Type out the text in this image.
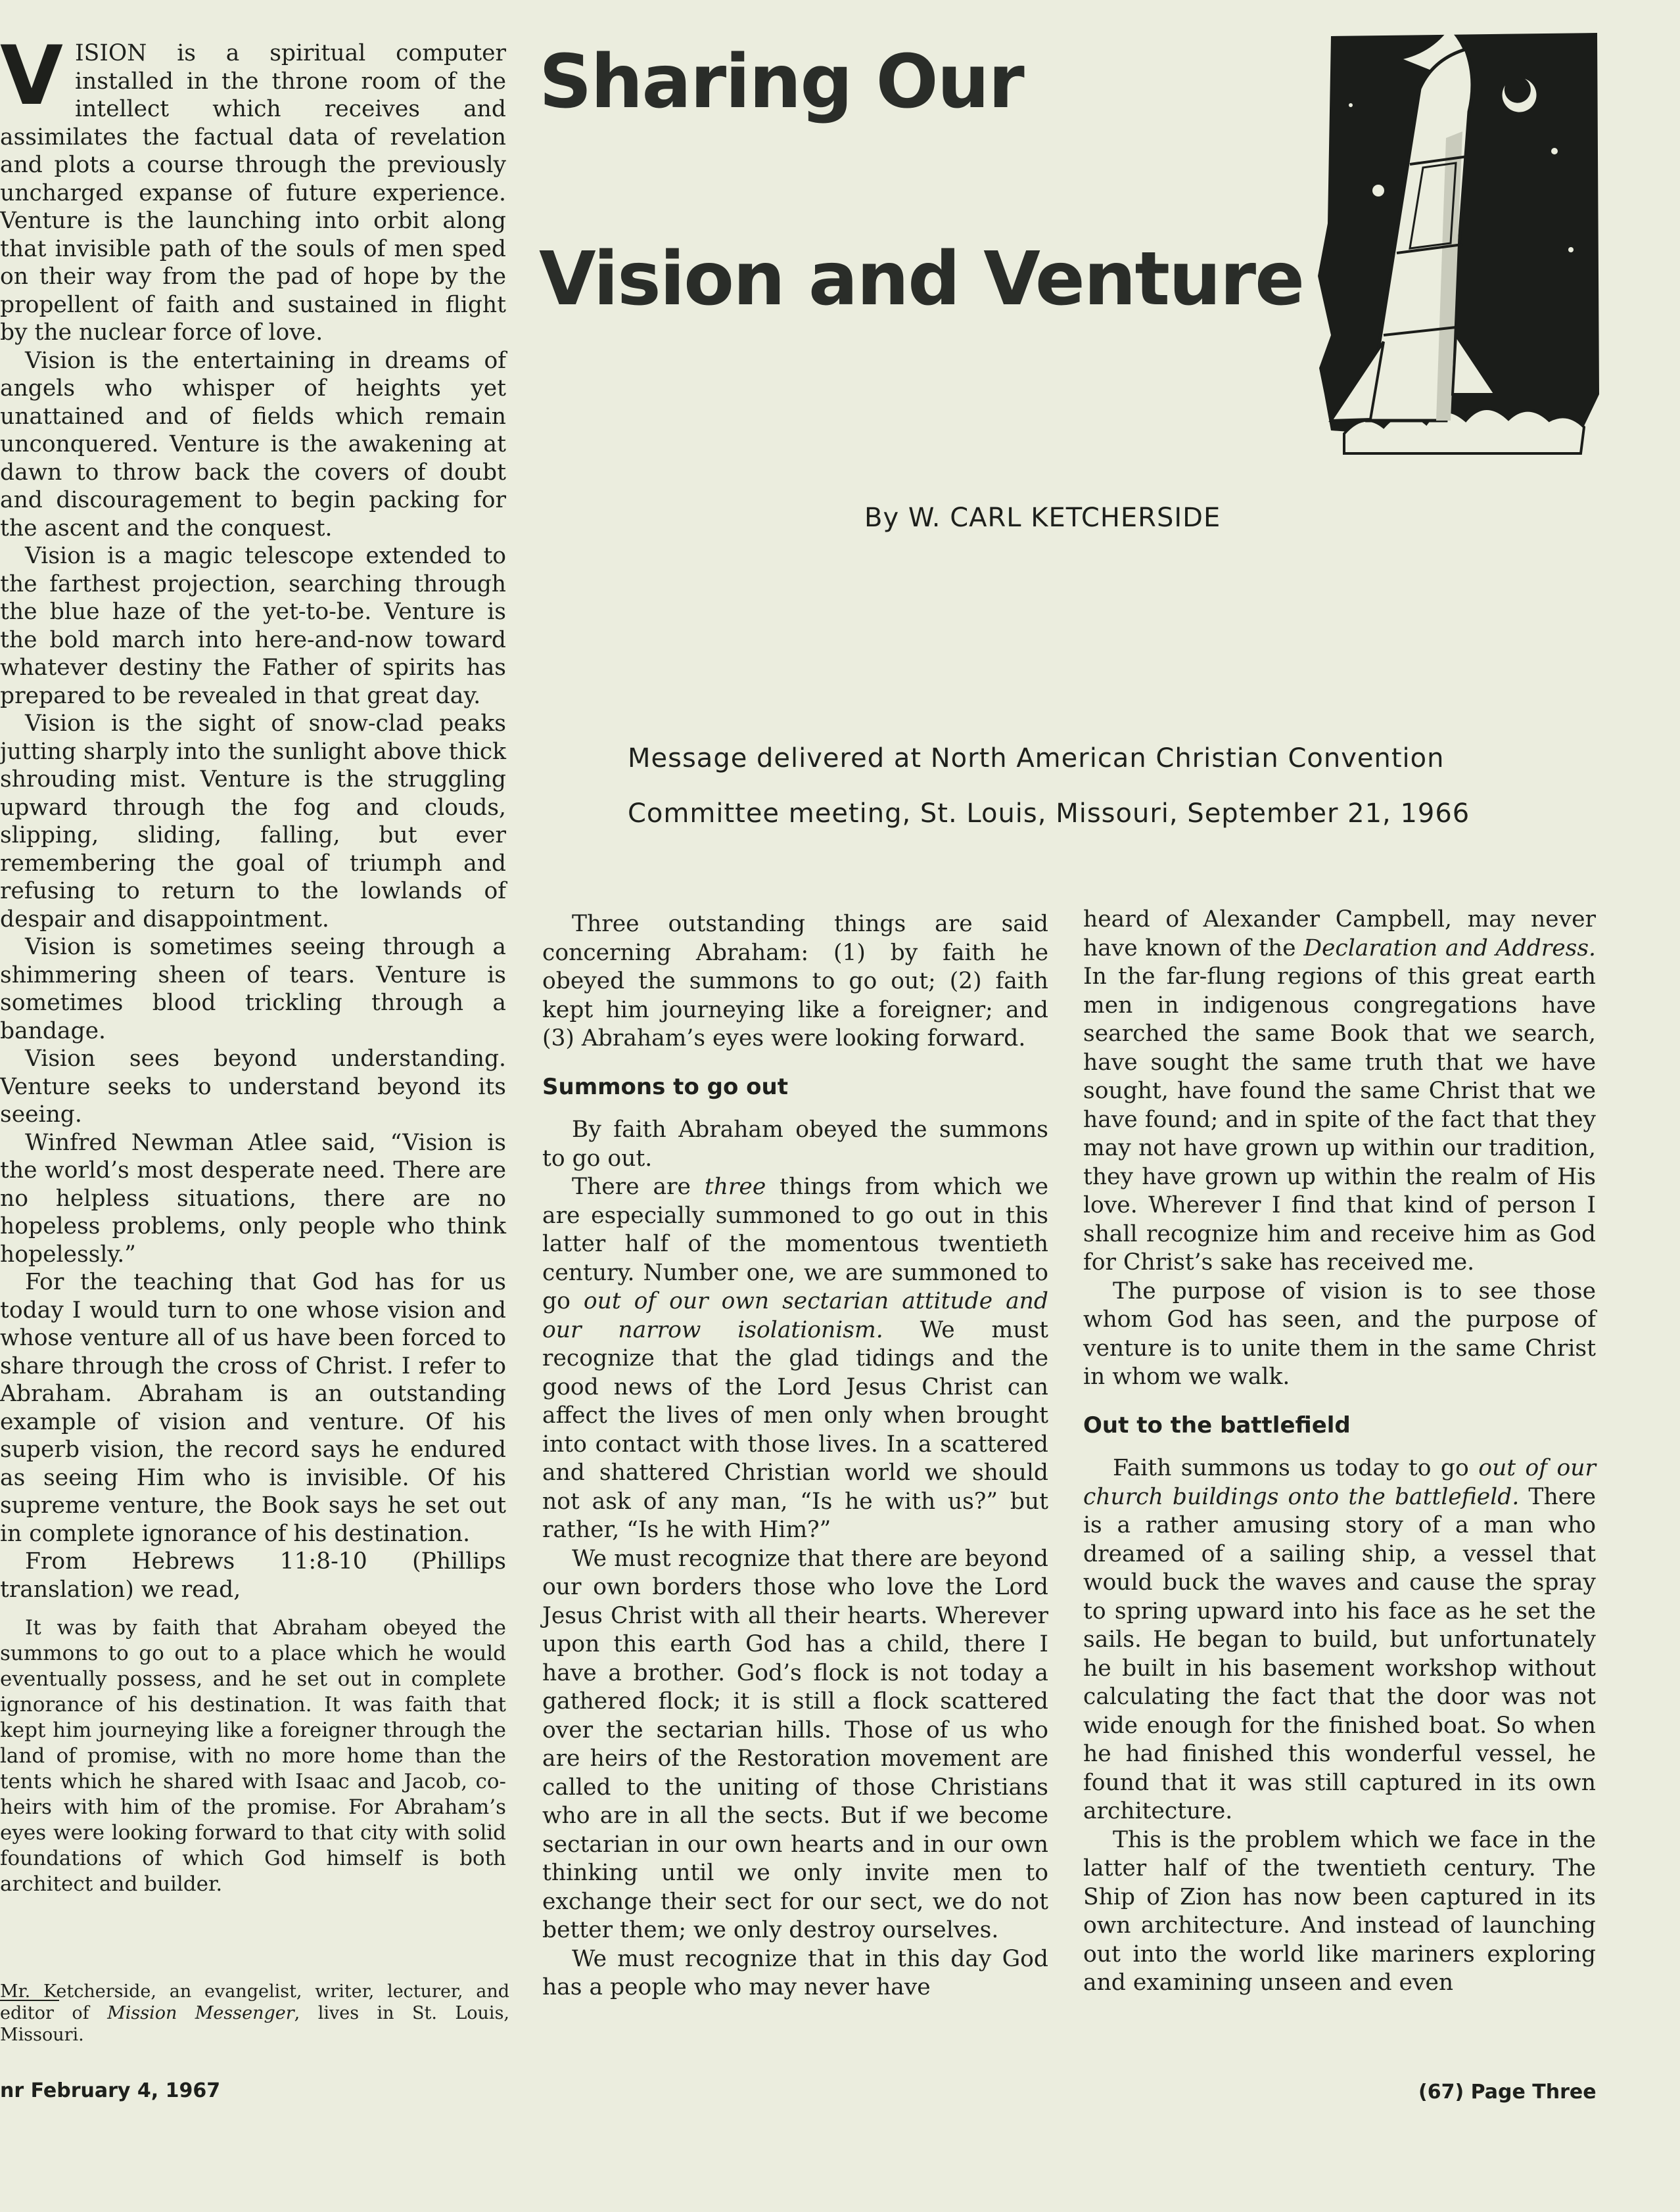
VISION is a spiritual computer installed in the throne room of the intellect which receives and assimilates the factual data of revelation and plots a course through the previously uncharged expanse of future experience. Venture is the launching into orbit along that invisible path of the souls of men sped on their way from the pad of hope by the propellent of faith and sustained in flight by the nuclear force of love.

Vision is the entertaining in dreams of angels who whisper of heights yet unattained and of fields which remain unconquered. Venture is the awakening at dawn to throw back the covers of doubt and discouragement to begin packing for the ascent and the conquest.

Vision is a magic telescope extended to the farthest projection, searching through the blue haze of the yet-to-be. Venture is the bold march into here-and-now toward whatever destiny the Father of spirits has prepared to be revealed in that great day.

Vision is the sight of snow-clad peaks jutting sharply into the sunlight above thick shrouding mist. Venture is the struggling upward through the fog and clouds, slipping, sliding, falling, but ever remembering the goal of triumph and refusing to return to the lowlands of despair and disappointment.

Vision is sometimes seeing through a shimmering sheen of tears. Venture is sometimes blood trickling through a bandage.

Vision sees beyond understanding. Venture seeks to understand beyond its seeing.

Winfred Newman Atlee said, “Vision is the world’s most desperate need. There are no helpless situations, there are no hopeless problems, only people who think hopelessly.”

For the teaching that God has for us today I would turn to one whose vision and whose venture all of us have been forced to share through the cross of Christ. I refer to Abraham. Abraham is an outstanding example of vision and venture. Of his superb vision, the record says he endured as seeing Him who is invisible. Of his supreme venture, the Book says he set out in complete ignorance of his destination.

From Hebrews 11:8-10 (Phillips translation) we read,

It was by faith that Abraham obeyed the summons to go out to a place which he would eventually possess, and he set out in complete ignorance of his destination. It was faith that kept him journeying like a foreigner through the land of promise, with no more home than the tents which he shared with Isaac and Jacob, co-heirs with him of the promise. For Abraham’s eyes were looking forward to that city with solid foundations of which God himself is both architect and builder.

Mr. Ketcherside, an evangelist, writer, lecturer, and editor of Mission Messenger, lives in St. Louis, Missouri.
Sharing Our
Vision and Venture
By W. CARL KETCHERSIDE
Message delivered at North American Christian Convention
Committee meeting, St. Louis, Missouri, September 21, 1966

Three outstanding things are said concerning Abraham: (1) by faith he obeyed the summons to go out; (2) faith kept him journeying like a foreigner; and (3) Abraham’s eyes were looking forward.

Summons to go out

By faith Abraham obeyed the summons to go out.

There are three things from which we are especially summoned to go out in this latter half of the momentous twentieth century. Number one, we are summoned to go out of our own sectarian attitude and our narrow isolationism. We must recognize that the glad tidings and the good news of the Lord Jesus Christ can affect the lives of men only when brought into contact with those lives. In a scattered and shattered Christian world we should not ask of any man, “Is he with us?” but rather, “Is he with Him?”

We must recognize that there are beyond our own borders those who love the Lord Jesus Christ with all their hearts. Wherever upon this earth God has a child, there I have a brother. God’s flock is not today a gathered flock; it is still a flock scattered over the sectarian hills. Those of us who are heirs of the Restoration movement are called to the uniting of those Christians who are in all the sects. But if we become sectarian in our own hearts and in our own thinking until we only invite men to exchange their sect for our sect, we do not better them; we only destroy ourselves.

We must recognize that in this day God has a people who may never have

heard of Alexander Campbell, may never have known of the Declaration and Address. In the far-flung regions of this great earth men in indigenous congregations have searched the same Book that we search, have sought the same truth that we have sought, have found the same Christ that we have found; and in spite of the fact that they may not have grown up within our tradition, they have grown up within the realm of His love. Wherever I find that kind of person I shall recognize him and receive him as God for Christ’s sake has received me.

The purpose of vision is to see those whom God has seen, and the purpose of venture is to unite them in the same Christ in whom we walk.

Out to the battlefield

Faith summons us today to go out of our church buildings onto the battlefield. There is a rather amusing story of a man who dreamed of a sailing ship, a vessel that would buck the waves and cause the spray to spring upward into his face as he set the sails. He began to build, but unfortunately he built in his basement workshop without calculating the fact that the door was not wide enough for the finished boat. So when he had finished this wonderful vessel, he found that it was still captured in its own architecture.

This is the problem which we face in the latter half of the twentieth century. The Ship of Zion has now been captured in its own architecture. And instead of launching out into the world like mariners exploring and examining unseen and even

nr February 4, 1967	(67) Page Three
